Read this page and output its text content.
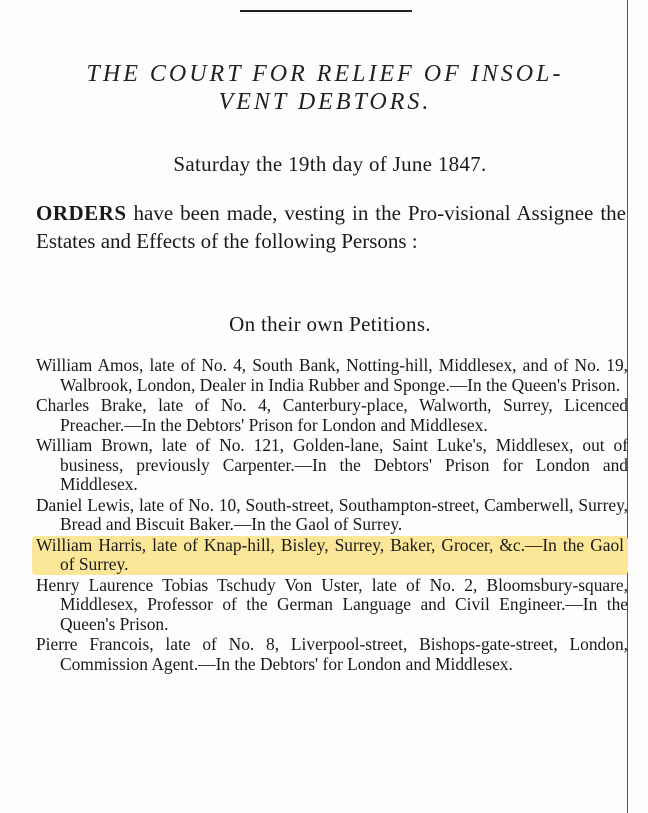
THE COURT FOR RELIEF OF INSOL-
VENT DEBTORS.
Saturday the 19th day of June 1847.
ORDERS have been made, vesting in the Pro-visional Assignee the Estates and Effects of the following Persons :
On their own Petitions.

William Amos, late of No. 4, South Bank, Notting-hill, Middlesex, and of No. 19, Walbrook, London, Dealer in India Rubber and Sponge.—In the Queen's Prison.

Charles Brake, late of No. 4, Canterbury-place, Walworth, Surrey, Licenced Preacher.—In the Debtors' Prison for London and Middlesex.

William Brown, late of No. 121, Golden-lane, Saint Luke's, Middlesex, out of business, previously Carpenter.—In the Debtors' Prison for London and Middlesex.

Daniel Lewis, late of No. 10, South-street, Southampton-street, Camberwell, Surrey, Bread and Biscuit Baker.—In the Gaol of Surrey.

William Harris, late of Knap-hill, Bisley, Surrey, Baker, Grocer, &c.—In the Gaol of Surrey.

Henry Laurence Tobias Tschudy Von Uster, late of No. 2, Bloomsbury-square, Middlesex, Professor of the German Language and Civil Engineer.—In the Queen's Prison.

Pierre Francois, late of No. 8, Liverpool-street, Bishops-gate-street, London, Commission Agent.—In the Debtors' for London and Middlesex.
